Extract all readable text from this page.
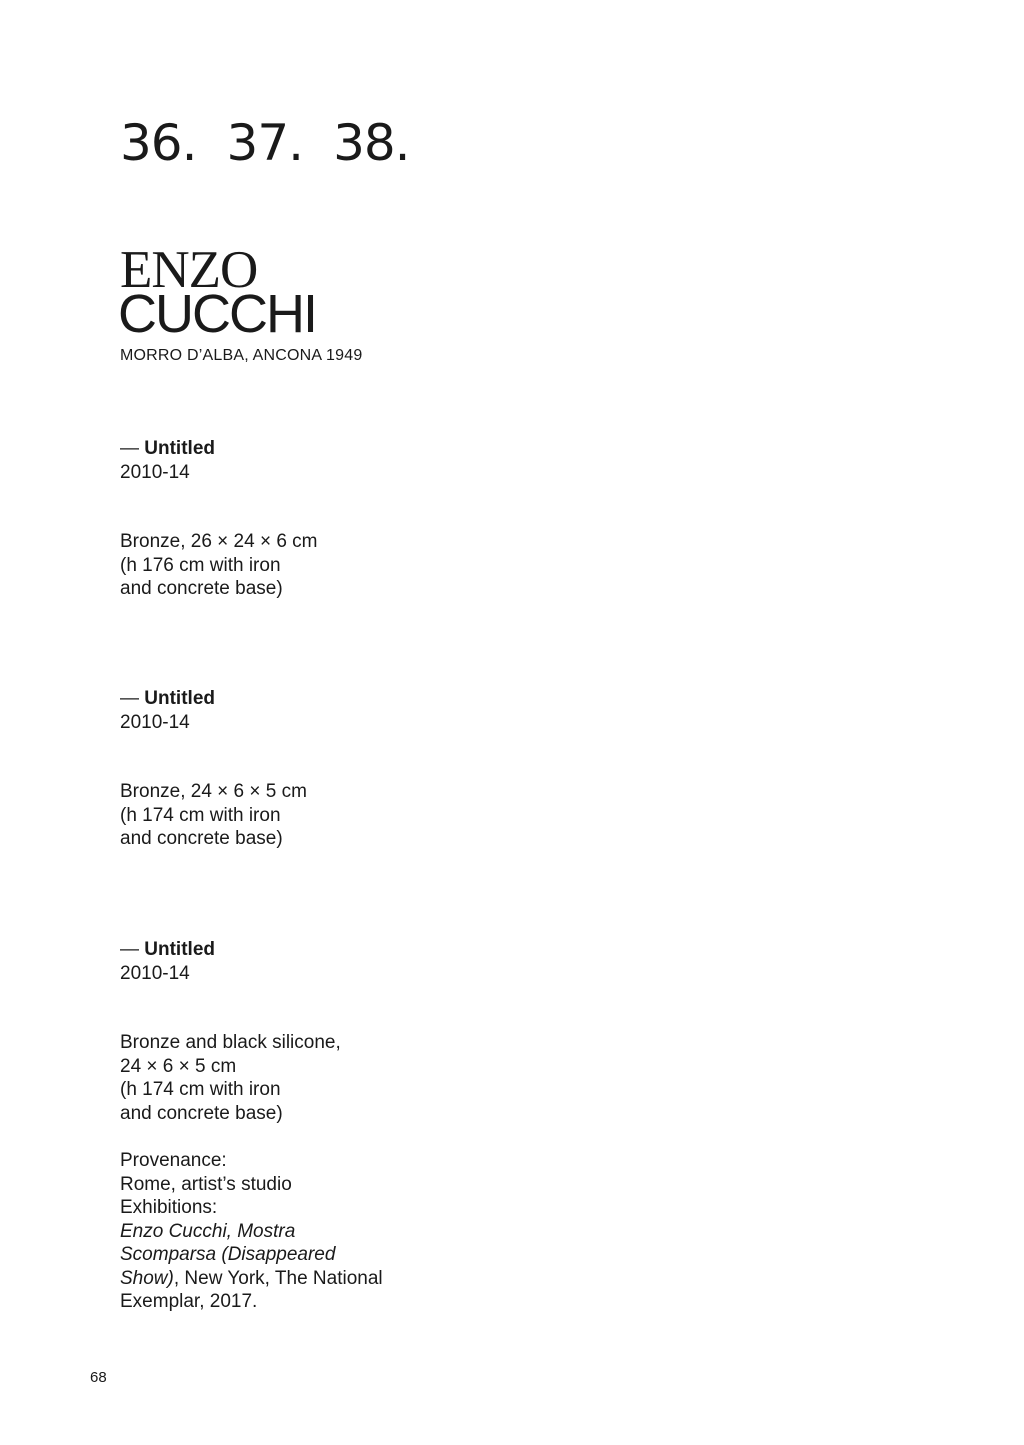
36. 37. 38.
ENZO
CUCCHI
MORRO D’ALBA, ANCONA 1949
— Untitled
2010-14
Bronze, 26 × 24 × 6 cm
(h 176 cm with iron
and concrete base)
— Untitled
2010-14
Bronze, 24 × 6 × 5 cm
(h 174 cm with iron
and concrete base)
— Untitled
2010-14
Bronze and black silicone,
24 × 6 × 5 cm
(h 174 cm with iron
and concrete base)
Provenance:
Rome, artist’s studio
Exhibitions:
Enzo Cucchi, Mostra
Scomparsa (Disappeared
Show), New York, The National
Exemplar, 2017.
68
